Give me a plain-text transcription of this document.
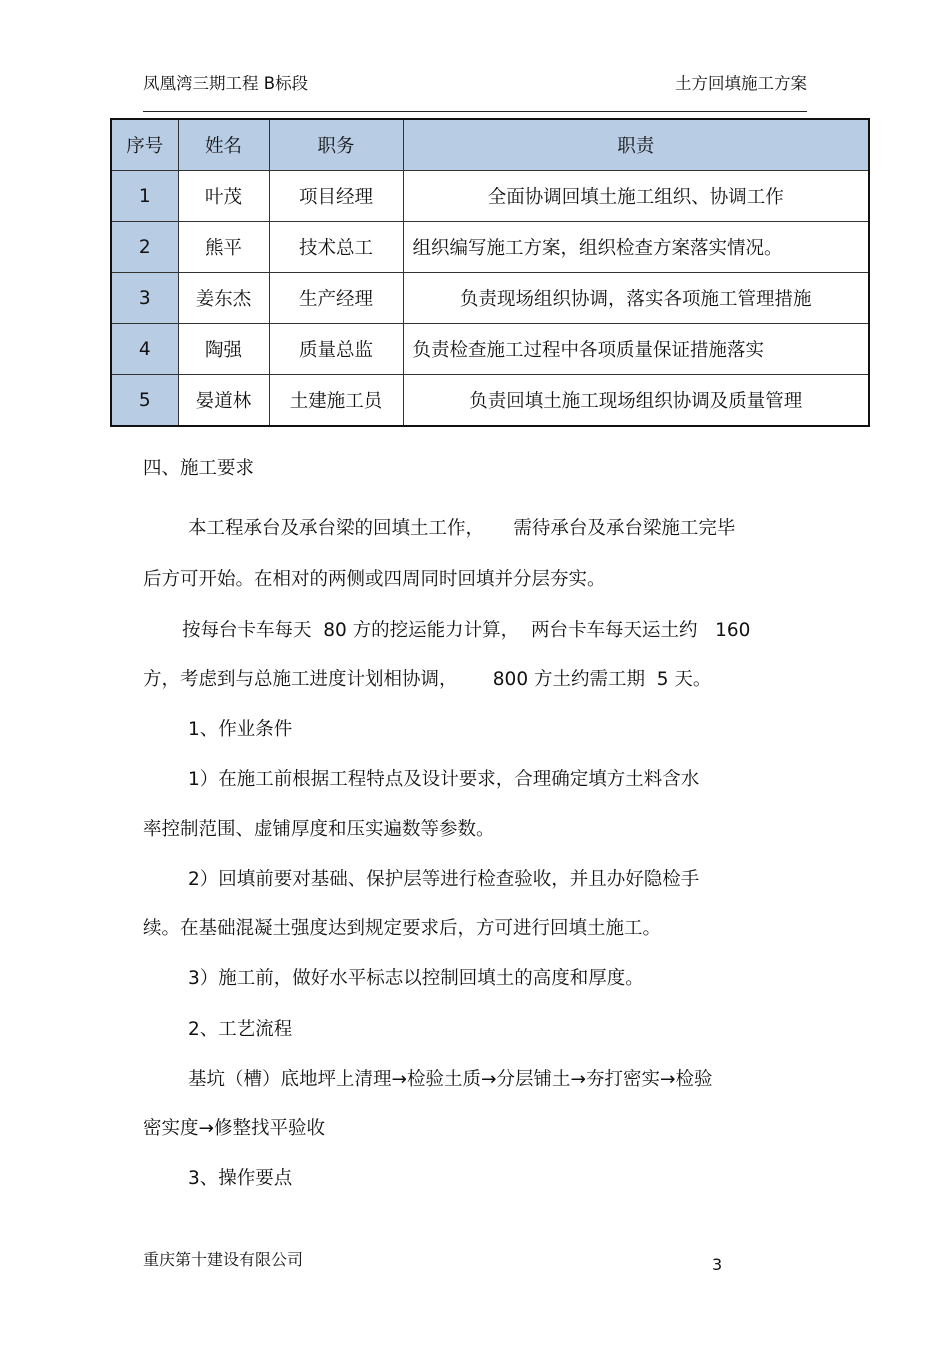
凤凰湾三期工程 B标段	土方回填施工方案
序号	姓名	职务	职责
1	叶茂	项目经理	全面协调回填土施工组织、协调工作
2	熊平	技术总工	组织编写施工方案，组织检查方案落实情况。
3	姜东杰	生产经理	负责现场组织协调，落实各项施工管理措施
4	陶强	质量总监	负责检查施工过程中各项质量保证措施落实
5	晏道林	土建施工员	负责回填土施工现场组织协调及质量管理
四、施工要求
本工程承台及承台梁的回填土工作，     需待承台及承台梁施工完毕
后方可开始。在相对的两侧或四周同时回填并分层夯实。
按每台卡车每天  80 方的挖运能力计算，  两台卡车每天运土约   160
方，考虑到与总施工进度计划相协调，      800 方土约需工期  5 天。
1、作业条件
1）在施工前根据工程特点及设计要求，合理确定填方土料含水
率控制范围、虚铺厚度和压实遍数等参数。
2）回填前要对基础、保护层等进行检查验收，并且办好隐检手
续。在基础混凝土强度达到规定要求后，方可进行回填土施工。
3）施工前，做好水平标志以控制回填土的高度和厚度。
2、工艺流程
基坑（槽）底地坪上清理→检验土质→分层铺土→夯打密实→检验
密实度→修整找平验收
3、操作要点
重庆第十建设有限公司	3
